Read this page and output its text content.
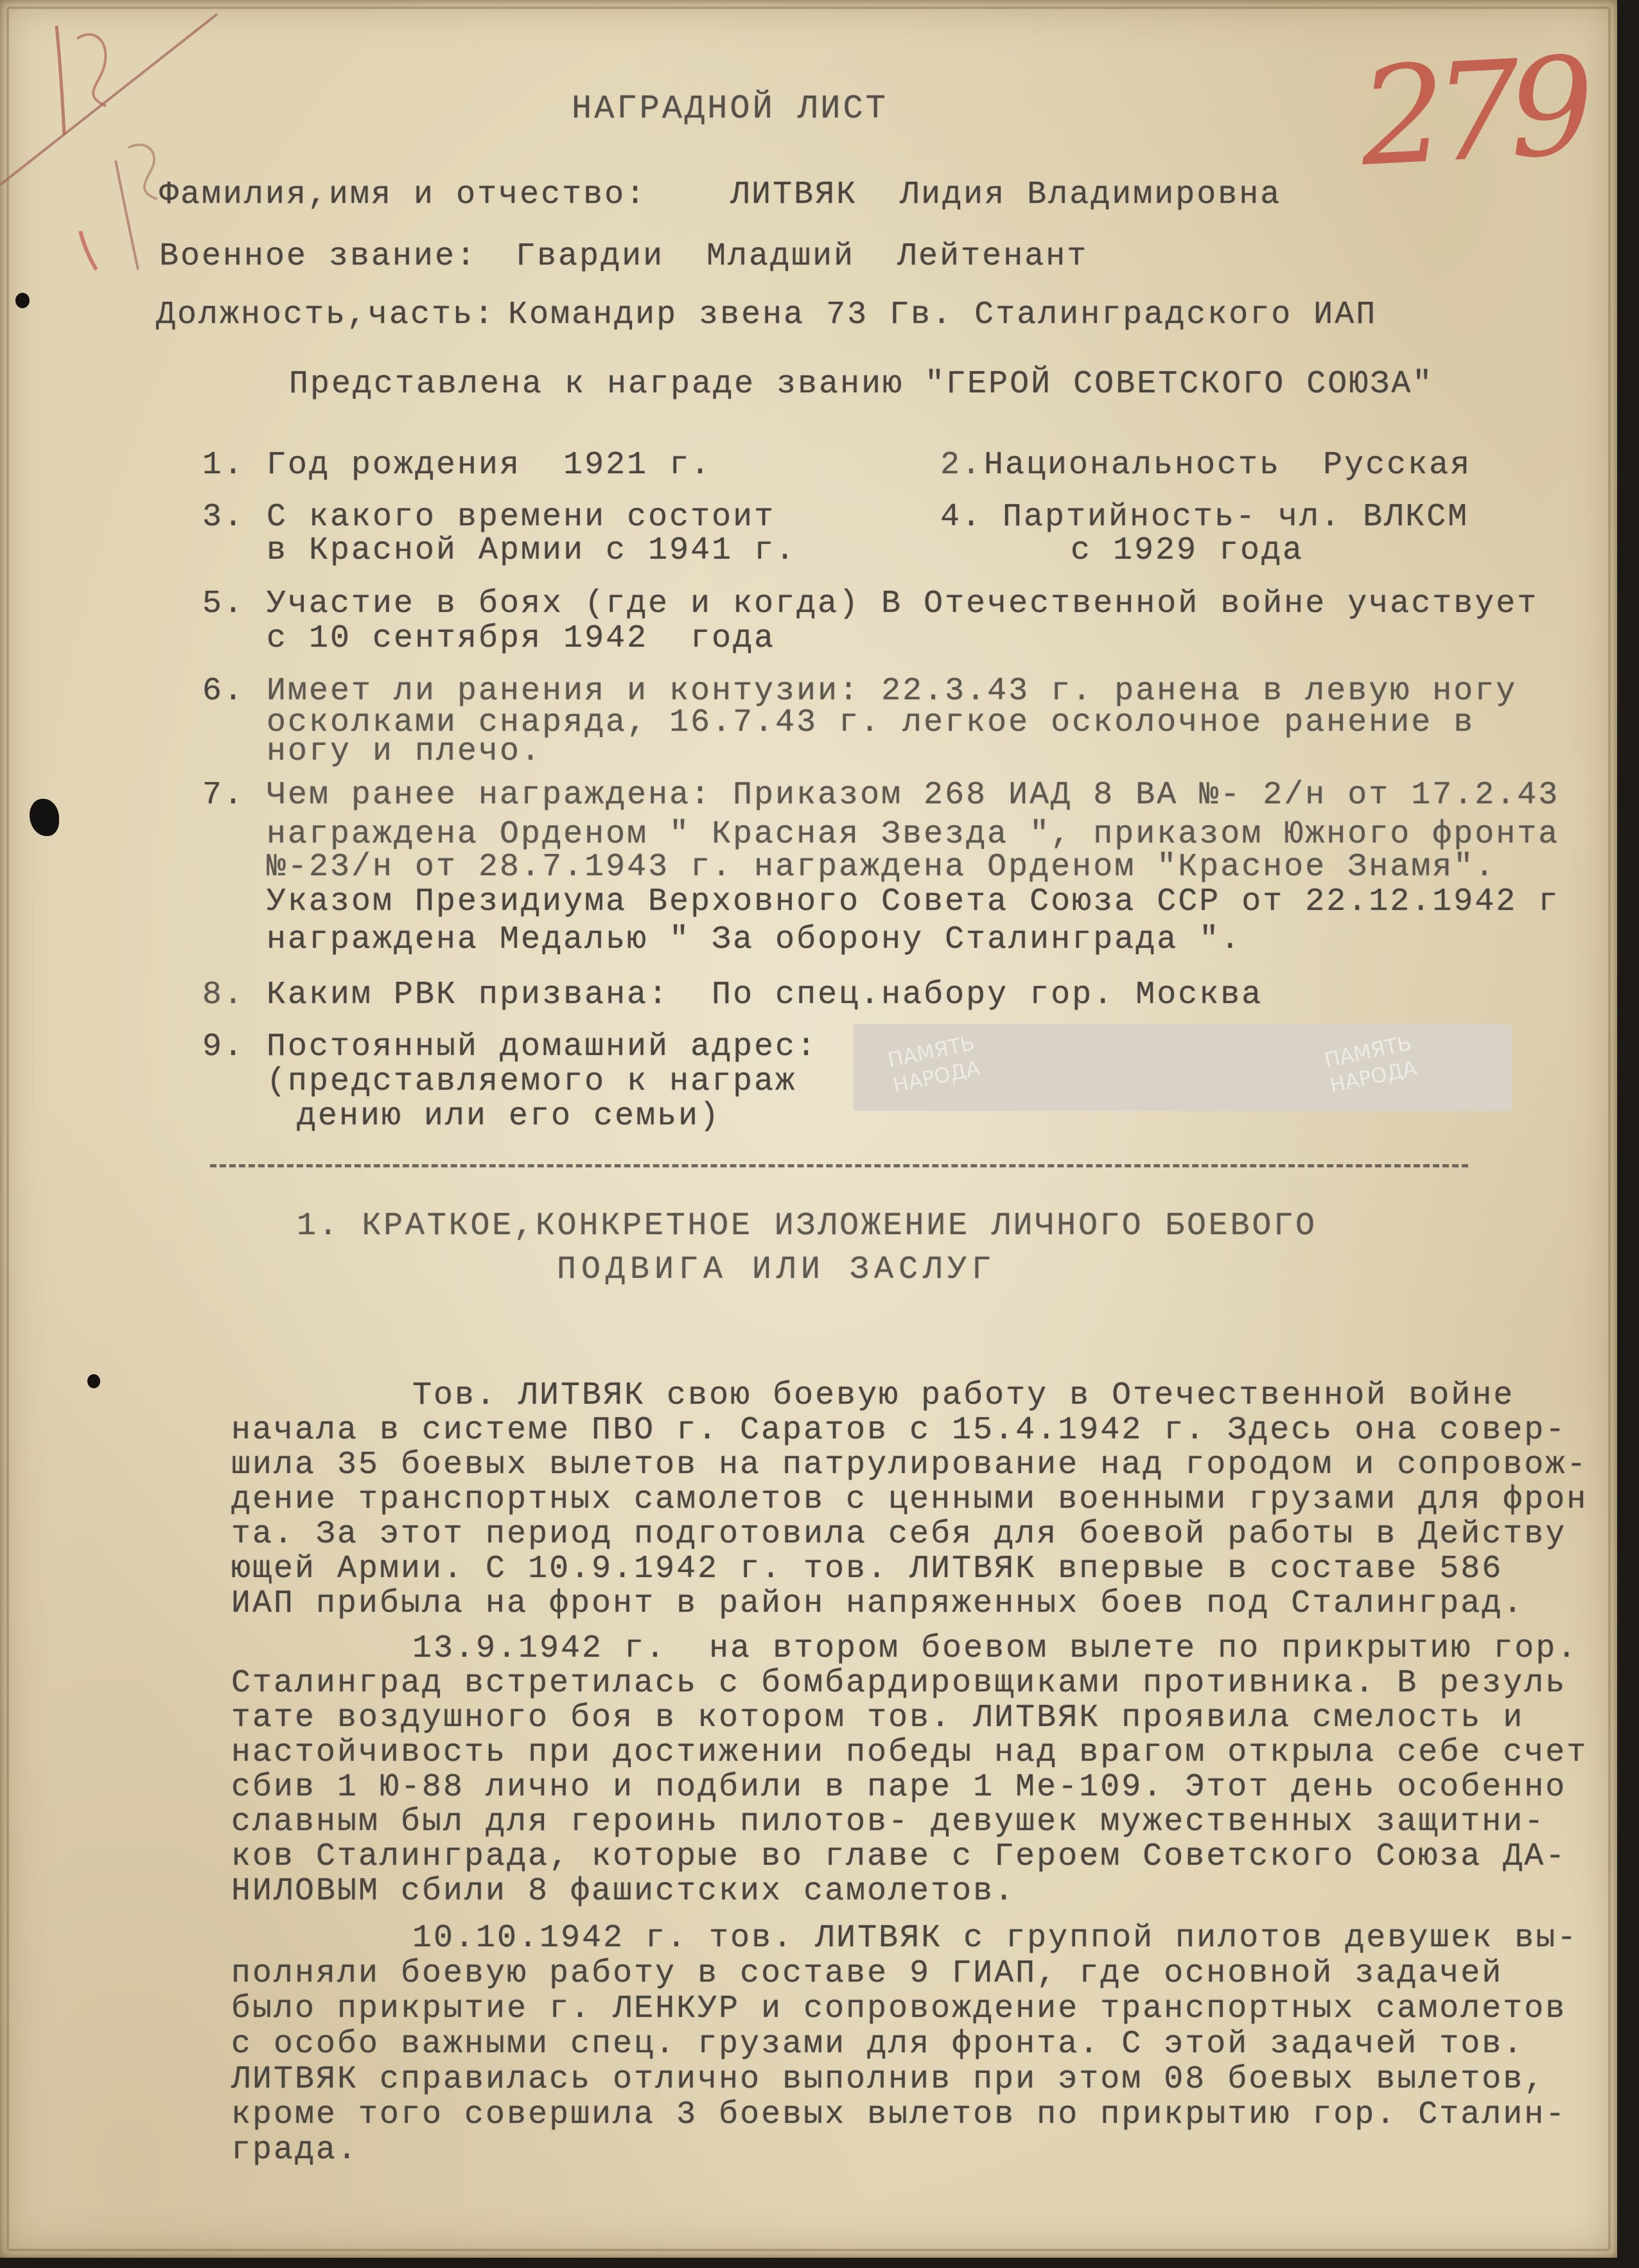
279
НАГРАДНОЙ ЛИСТ
Фамилия,имя и отчество:	ЛИТВЯК  Лидия Владимировна
Военное звание: Гвардии  Младший  Лейтенант
Должность,часть: Командир звена 73 Гв. Сталинградского ИАП
Представлена к награде званию "ГЕРОЙ СОВЕТСКОГО СОЮЗА"
1. Год рождения  1921 г.	2. Национальность  Русская
3. С какого времени состоит
в Красной Армии с 1941 г.
4. Партийность- чл. ВЛКСМ
с 1929 года
5. Участие в боях (где и когда) В Отечественной войне участвует
с 10 сентября 1942  года
6. Имеет ли ранения и контузии: 22.3.43 г. ранена в левую ногу
осколками снаряда, 16.7.43 г. легкое осколочное ранение в
ногу и плечо.
7. Чем ранее награждена: Приказом 268 ИАД 8 ВА №- 2/н от 17.2.43
награждена Орденом " Красная Звезда ", приказом Южного фронта
№-23/н от 28.7.1943 г. награждена Орденом "Красное Знамя".
Указом Президиума Верховного Совета Союза ССР от 22.12.1942 г
награждена Медалью " За оборону Сталинграда ".
8. Каким РВК призвана:  По спец.набору гор. Москва
9. Постоянный домашний адрес:
(представляемого к награж
дению или его семьи)
ПАМЯТЬ НАРОДА
ПАМЯТЬ НАРОДА
1. КРАТКОЕ,КОНКРЕТНОЕ ИЗЛОЖЕНИЕ ЛИЧНОГО БОЕВОГО
ПОДВИГА ИЛИ ЗАСЛУГ
Тов. ЛИТВЯК свою боевую работу в Отечественной войне
начала в системе ПВО г. Саратов с 15.4.1942 г. Здесь она совер-
шила 35 боевых вылетов на патрулирование над городом и сопровож-
дение транспортных самолетов с ценными военными грузами для фрон
та. За этот период подготовила себя для боевой работы в Действу
ющей Армии. С 10.9.1942 г. тов. ЛИТВЯК впервые в составе 586
ИАП прибыла на фронт в район напряженных боев под Сталинград.
13.9.1942 г.  на втором боевом вылете по прикрытию гор.
Сталинград встретилась с бомбардировщиками противника. В резуль
тате воздушного боя в котором тов. ЛИТВЯК проявила смелость и
настойчивость при достижении победы над врагом открыла себе счет
сбив 1 Ю-88 лично и подбили в паре 1 Ме-109. Этот день особенно
славным был для героинь пилотов- девушек мужественных защитни-
ков Сталинграда, которые во главе с Героем Советского Союза ДА-
НИЛОВЫМ сбили 8 фашистских самолетов.
10.10.1942 г. тов. ЛИТВЯК с группой пилотов девушек вы-
полняли боевую работу в составе 9 ГИАП, где основной задачей
было прикрытие г. ЛЕНКУР и сопровождение транспортных самолетов
с особо важными спец. грузами для фронта. С этой задачей тов.
ЛИТВЯК справилась отлично выполнив при этом 08 боевых вылетов,
кроме того совершила 3 боевых вылетов по прикрытию гор. Сталин-
града.
